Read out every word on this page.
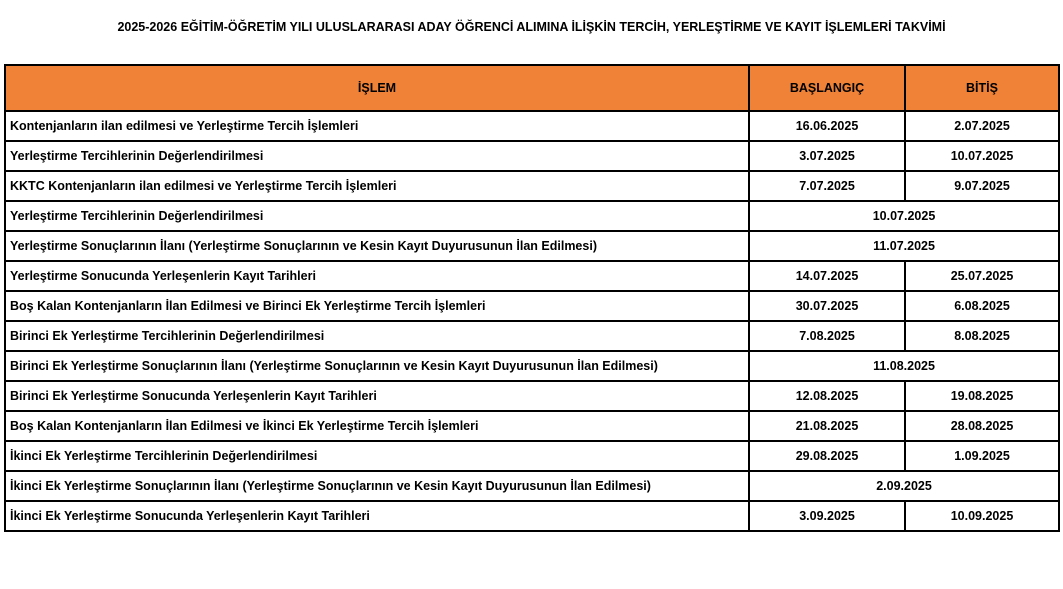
2025-2026 EĞİTİM-ÖĞRETİM YILI ULUSLARARASI ADAY ÖĞRENCİ ALIMINA İLİŞKİN TERCİH, YERLEŞTİRME VE KAYIT İŞLEMLERİ TAKVİMİ
İŞLEM	BAŞLANGIÇ	BİTİŞ
Kontenjanların ilan edilmesi ve Yerleştirme Tercih İşlemleri	16.06.2025	2.07.2025
Yerleştirme Tercihlerinin Değerlendirilmesi	3.07.2025	10.07.2025
KKTC Kontenjanların ilan edilmesi ve Yerleştirme Tercih İşlemleri	7.07.2025	9.07.2025
Yerleştirme Tercihlerinin Değerlendirilmesi	10.07.2025	
Yerleştirme Sonuçlarının İlanı (Yerleştirme Sonuçlarının ve Kesin Kayıt Duyurusunun İlan Edilmesi)	11.07.2025	
Yerleştirme Sonucunda Yerleşenlerin Kayıt Tarihleri	14.07.2025	25.07.2025
Boş Kalan Kontenjanların İlan Edilmesi ve Birinci Ek Yerleştirme Tercih İşlemleri	30.07.2025	6.08.2025
Birinci Ek Yerleştirme Tercihlerinin Değerlendirilmesi	7.08.2025	8.08.2025
Birinci Ek Yerleştirme Sonuçlarının İlanı (Yerleştirme Sonuçlarının ve Kesin Kayıt Duyurusunun İlan Edilmesi)	11.08.2025	
Birinci Ek Yerleştirme Sonucunda Yerleşenlerin Kayıt Tarihleri	12.08.2025	19.08.2025
Boş Kalan Kontenjanların İlan Edilmesi ve İkinci Ek Yerleştirme Tercih İşlemleri	21.08.2025	28.08.2025
İkinci Ek Yerleştirme Tercihlerinin Değerlendirilmesi	29.08.2025	1.09.2025
İkinci Ek Yerleştirme Sonuçlarının İlanı (Yerleştirme Sonuçlarının ve Kesin Kayıt Duyurusunun İlan Edilmesi)	2.09.2025	
İkinci Ek Yerleştirme Sonucunda Yerleşenlerin Kayıt Tarihleri	3.09.2025	10.09.2025
